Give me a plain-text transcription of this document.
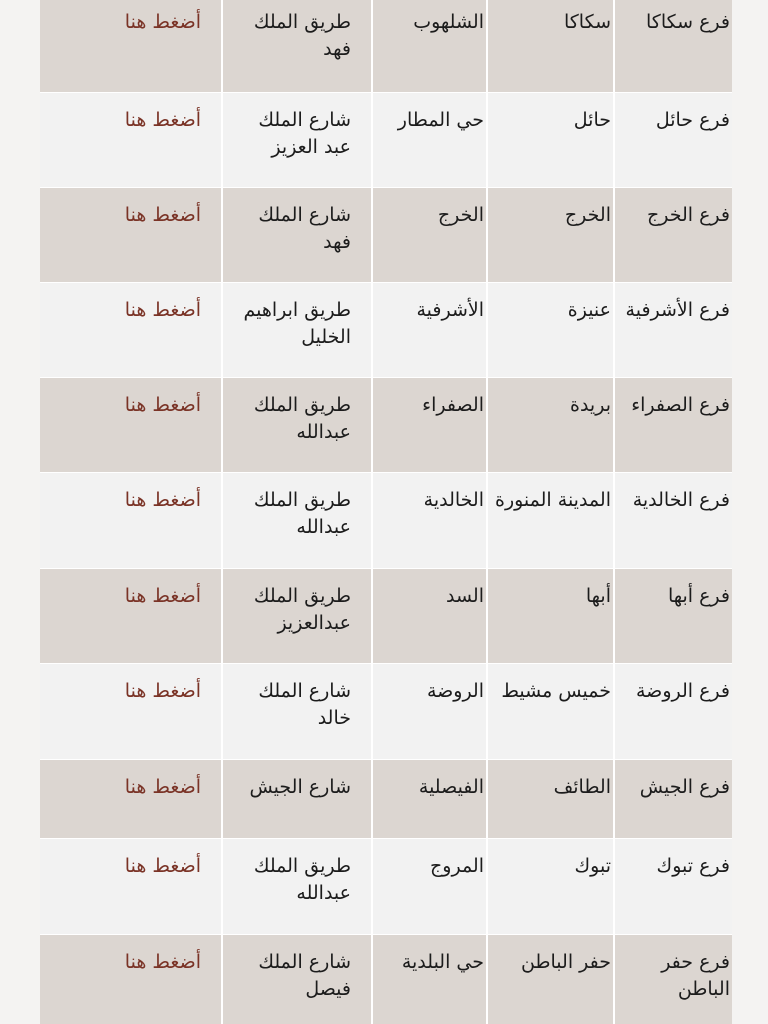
فرع سكاكا
سكاكا
الشلهوب
طريق الملك فهد
أضغط هنا
فرع حائل
حائل
حي المطار
شارع الملك عبد العزيز
أضغط هنا
فرع الخرج
الخرج
الخرج
شارع الملك فهد
أضغط هنا
فرع الأشرفية
عنيزة
الأشرفية
طريق ابراهيم الخليل
أضغط هنا
فرع الصفراء
بريدة
الصفراء
طريق الملك عبدالله
أضغط هنا
فرع الخالدية
المدينة المنورة
الخالدية
طريق الملك عبدالله
أضغط هنا
فرع أبها
أبها
السد
طريق الملك عبدالعزيز
أضغط هنا
فرع الروضة
خميس مشيط
الروضة
شارع الملك خالد
أضغط هنا
فرع الجيش
الطائف
الفيصلية
شارع الجيش
أضغط هنا
فرع تبوك
تبوك
المروج
طريق الملك عبدالله
أضغط هنا
فرع حفر الباطن
حفر الباطن
حي البلدية
شارع الملك فيصل
أضغط هنا
